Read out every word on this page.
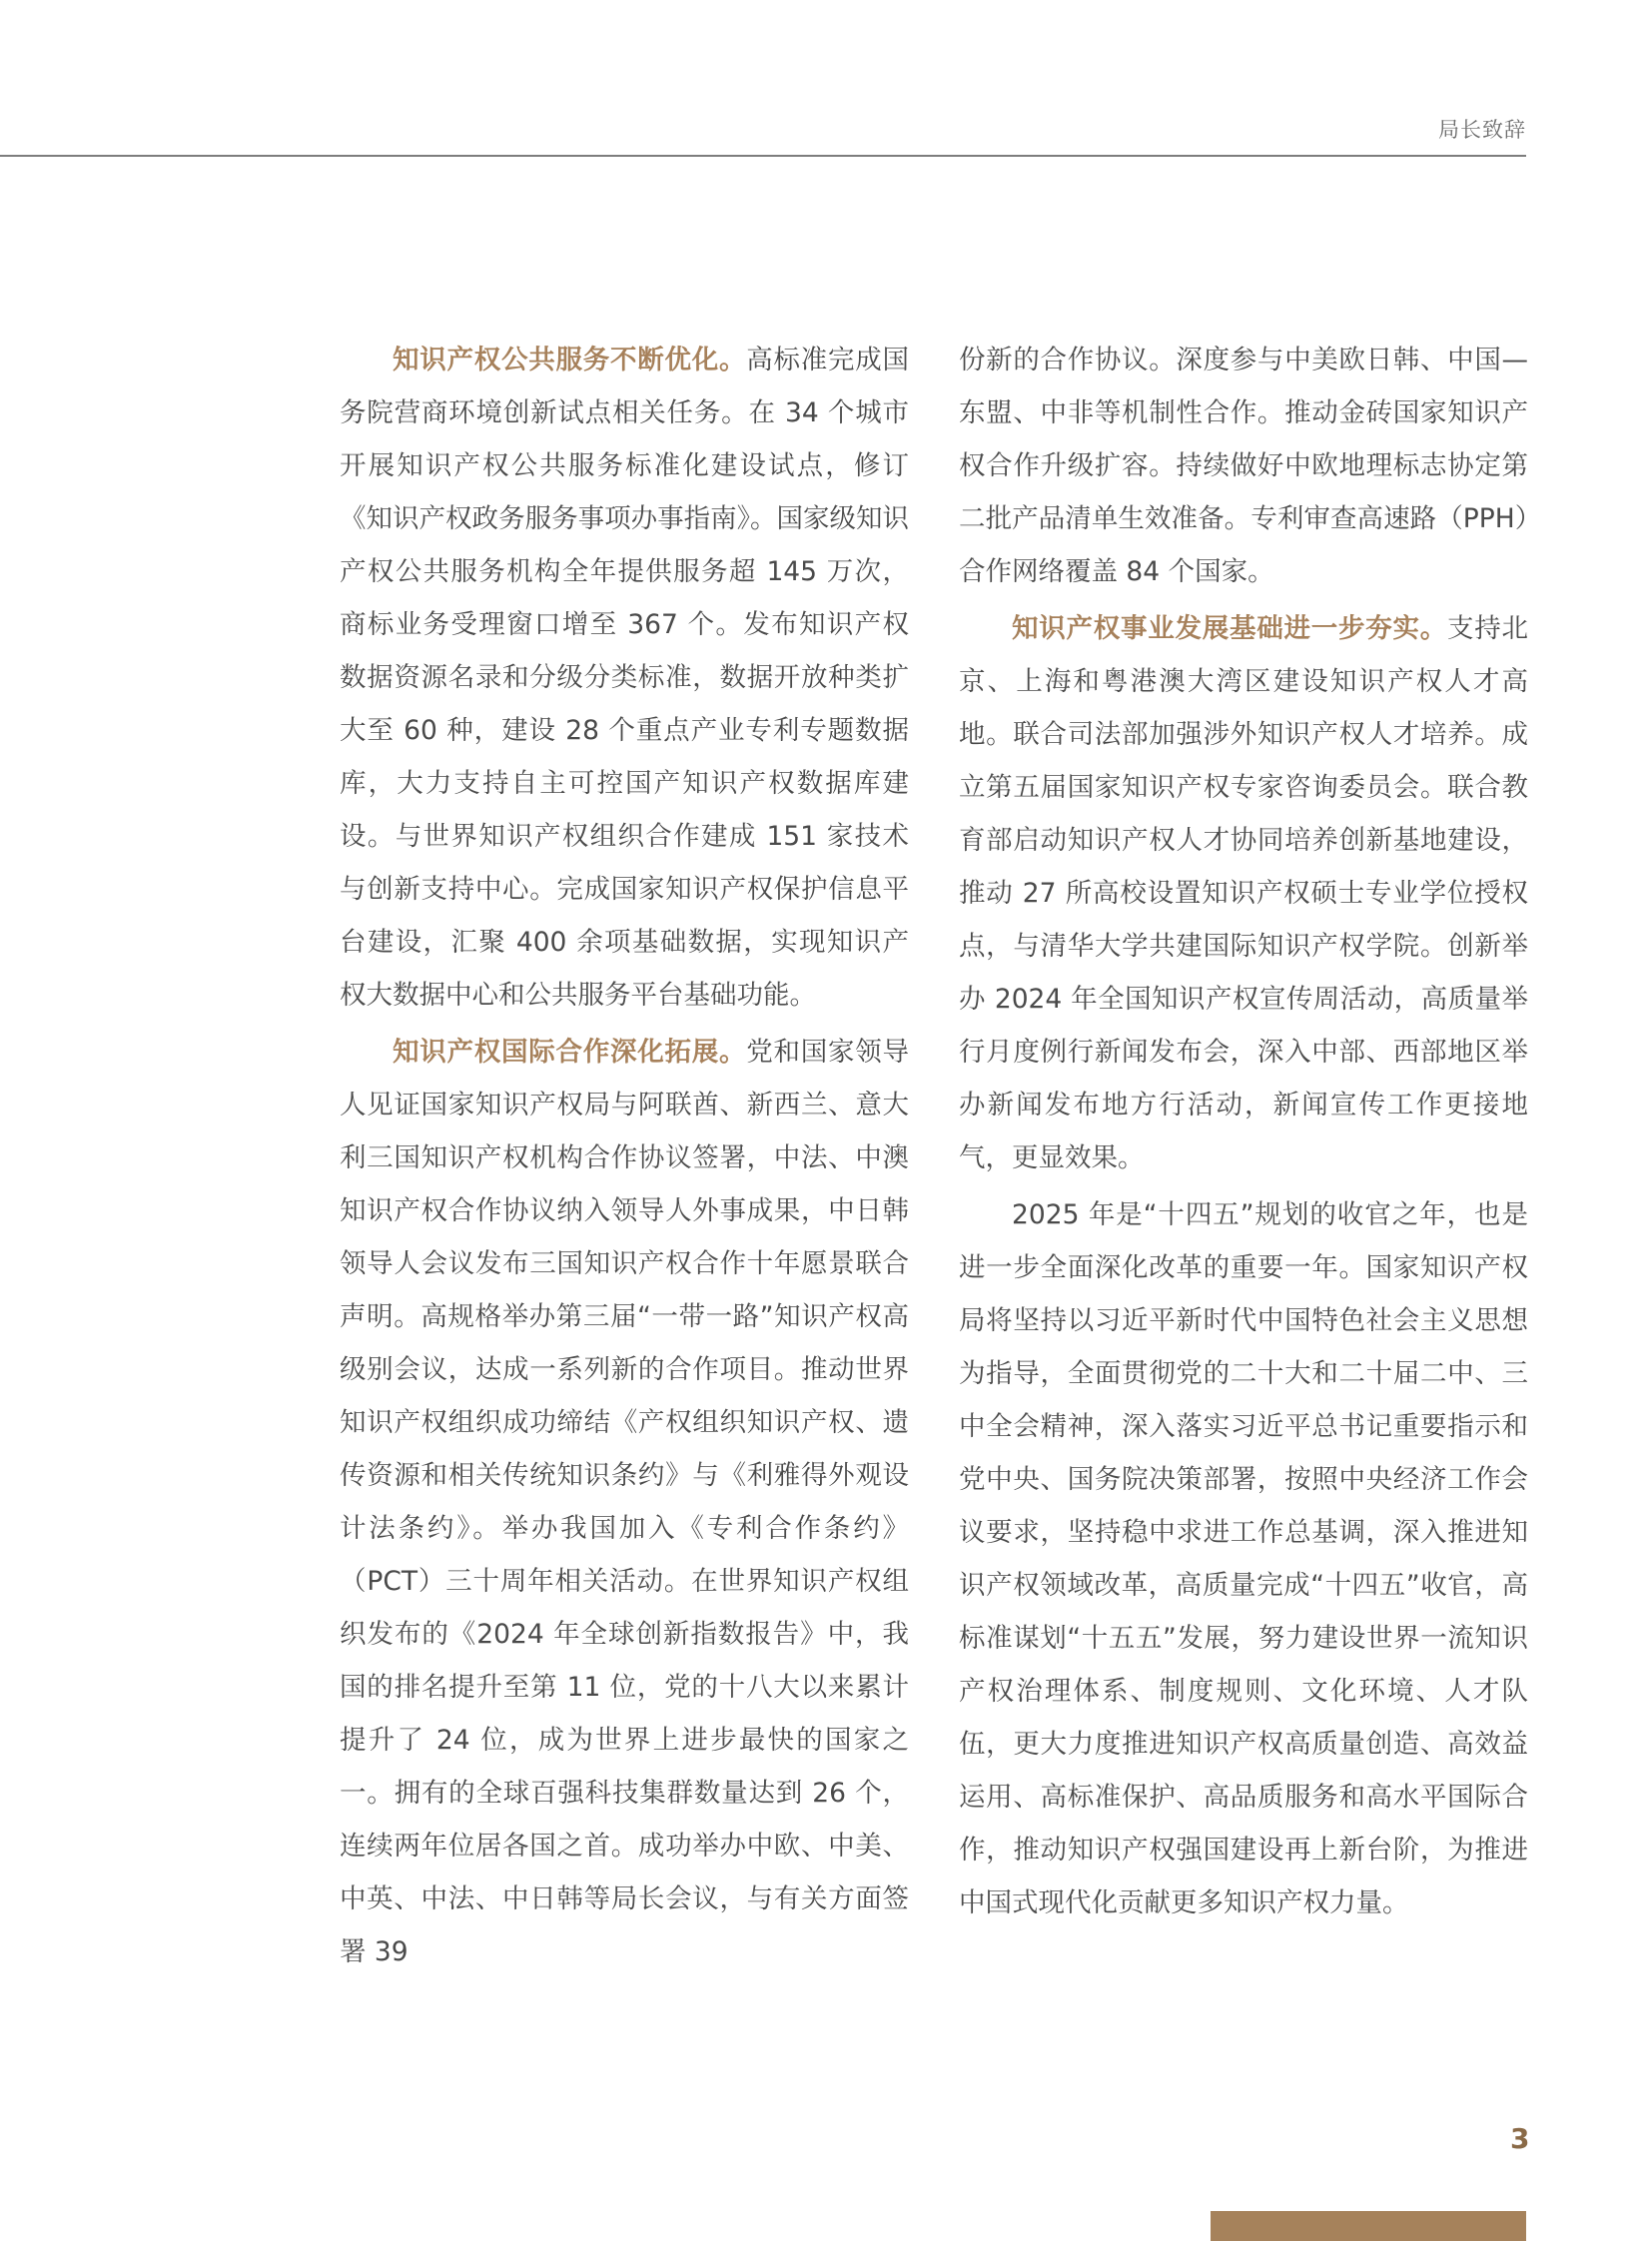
局长致辞

知识产权公共服务不断优化。高标准完成国务院营商环境创新试点相关任务。在 34 个城市开展知识产权公共服务标准化建设试点，修订《知识产权政务服务事项办事指南》。国家级知识产权公共服务机构全年提供服务超 145 万次，商标业务受理窗口增至 367 个。发布知识产权数据资源名录和分级分类标准，数据开放种类扩大至 60 种，建设 28 个重点产业专利专题数据库，大力支持自主可控国产知识产权数据库建设。与世界知识产权组织合作建成 151 家技术与创新支持中心。完成国家知识产权保护信息平台建设，汇聚 400 余项基础数据，实现知识产权大数据中心和公共服务平台基础功能。

知识产权国际合作深化拓展。党和国家领导人见证国家知识产权局与阿联酋、新西兰、意大利三国知识产权机构合作协议签署，中法、中澳知识产权合作协议纳入领导人外事成果，中日韩领导人会议发布三国知识产权合作十年愿景联合声明。高规格举办第三届“一带一路”知识产权高级别会议，达成一系列新的合作项目。推动世界知识产权组织成功缔结《产权组织知识产权、遗传资源和相关传统知识条约》与《利雅得外观设计法条约》。举办我国加入《专利合作条约》（PCT）三十周年相关活动。在世界知识产权组织发布的《2024 年全球创新指数报告》中，我国的排名提升至第 11 位，党的十八大以来累计提升了 24 位，成为世界上进步最快的国家之一。拥有的全球百强科技集群数量达到 26 个，连续两年位居各国之首。成功举办中欧、中美、中英、中法、中日韩等局长会议，与有关方面签署 39

份新的合作协议。深度参与中美欧日韩、中国—东盟、中非等机制性合作。推动金砖国家知识产权合作升级扩容。持续做好中欧地理标志协定第二批产品清单生效准备。专利审查高速路（PPH）合作网络覆盖 84 个国家。

知识产权事业发展基础进一步夯实。支持北京、上海和粤港澳大湾区建设知识产权人才高地。联合司法部加强涉外知识产权人才培养。成立第五届国家知识产权专家咨询委员会。联合教育部启动知识产权人才协同培养创新基地建设，推动 27 所高校设置知识产权硕士专业学位授权点，与清华大学共建国际知识产权学院。创新举办 2024 年全国知识产权宣传周活动，高质量举行月度例行新闻发布会，深入中部、西部地区举办新闻发布地方行活动，新闻宣传工作更接地气，更显效果。

2025 年是“十四五”规划的收官之年，也是进一步全面深化改革的重要一年。国家知识产权局将坚持以习近平新时代中国特色社会主义思想为指导，全面贯彻党的二十大和二十届二中、三中全会精神，深入落实习近平总书记重要指示和党中央、国务院决策部署，按照中央经济工作会议要求，坚持稳中求进工作总基调，深入推进知识产权领域改革，高质量完成“十四五”收官，高标准谋划“十五五”发展，努力建设世界一流知识产权治理体系、制度规则、文化环境、人才队伍，更大力度推进知识产权高质量创造、高效益运用、高标准保护、高品质服务和高水平国际合作，推动知识产权强国建设再上新台阶，为推进中国式现代化贡献更多知识产权力量。

3
